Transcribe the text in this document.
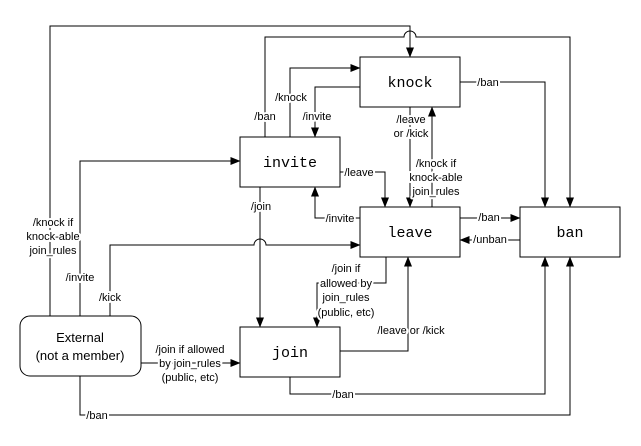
/knock if
knock-able
join_rules
/invite
/kick
/join if allowed
by join_rules
(public, etc)
/ban
/knock
/invite
/ban
/leave
/join
/leave
or /kick
/knock if
knock-able
join_rules
/ban
/ban
/unban
/invite
/join if
allowed by
join_rules
(public, etc)
/leave or /kick
/ban
knock
invite
leave	ban
join
External
(not a member)
